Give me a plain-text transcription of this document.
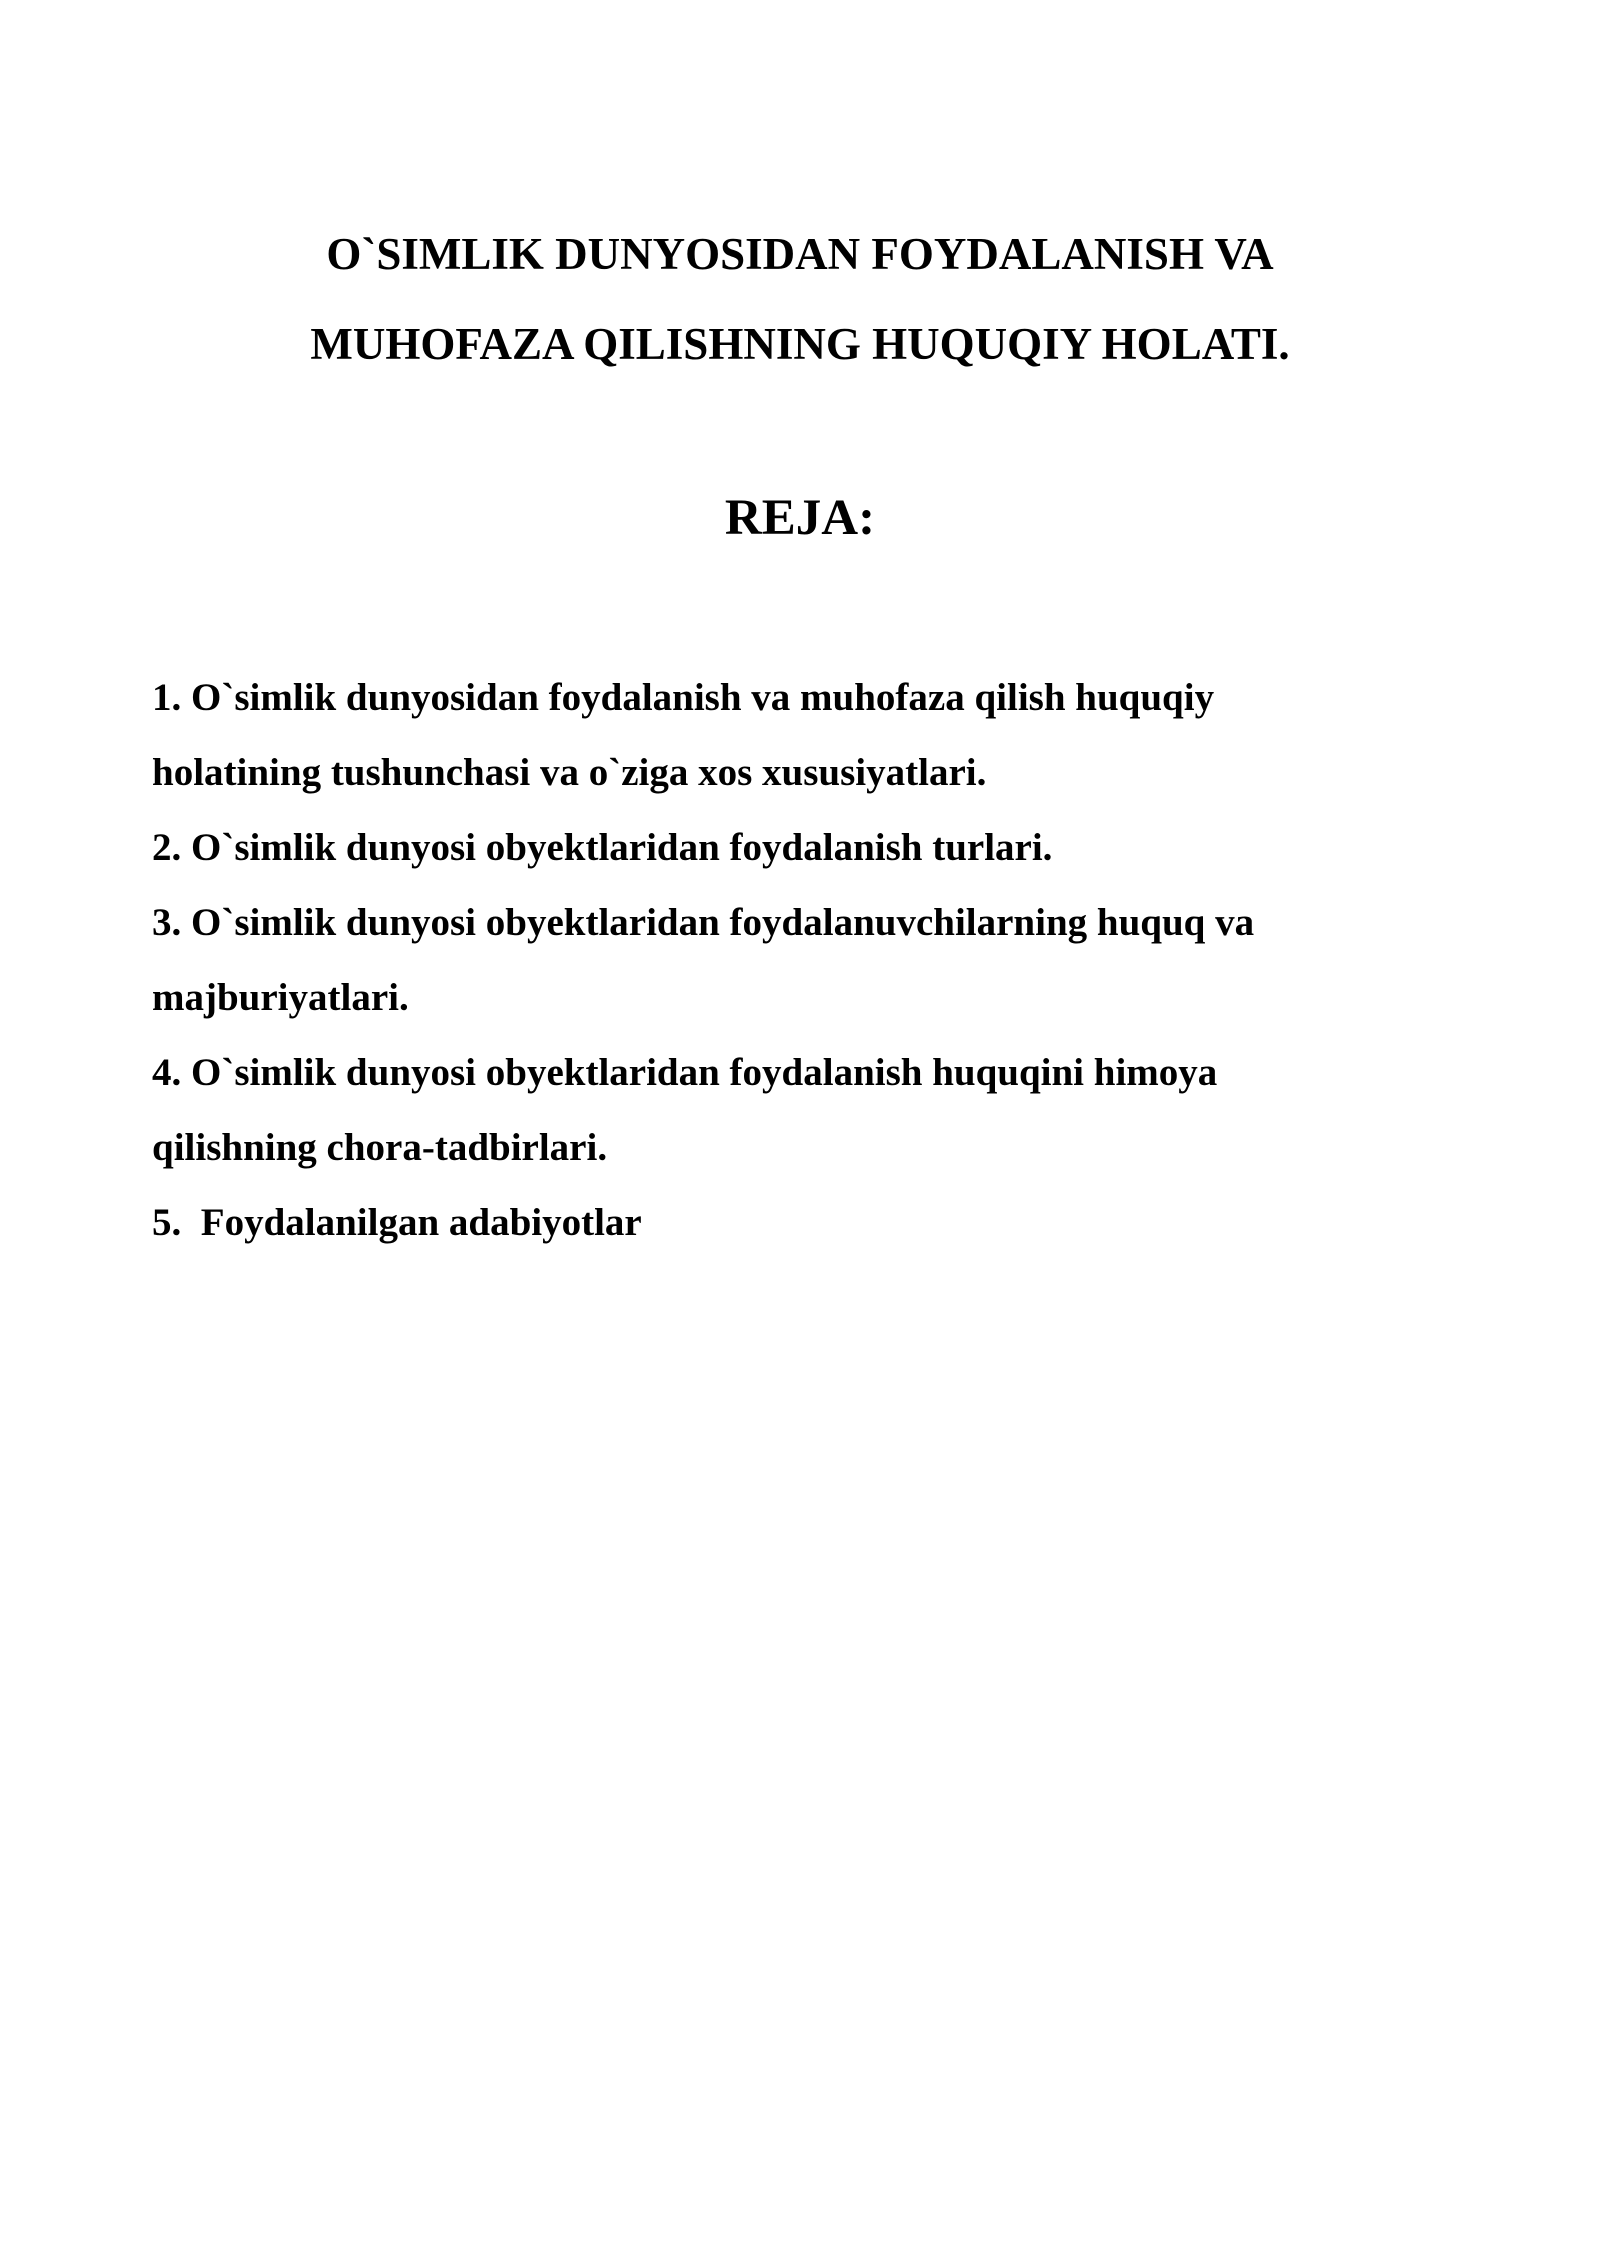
O`SIMLIK DUNYOSIDAN FOYDALANISH VA
MUHOFAZA QILISHNING HUQUQIY HOLATI.
REJA:
1. O`simlik dunyosidan foydalanish va muhofaza qilish huquqiy
holatining tushunchasi va o`ziga xos xususiyatlari.
2. O`simlik dunyosi obyektlaridan foydalanish turlari.
3. O`simlik dunyosi obyektlaridan foydalanuvchilarning huquq va
majburiyatlari.
4. O`simlik dunyosi obyektlaridan foydalanish huquqini himoya
qilishning chora-tadbirlari.
5.  Foydalanilgan adabiyotlar
